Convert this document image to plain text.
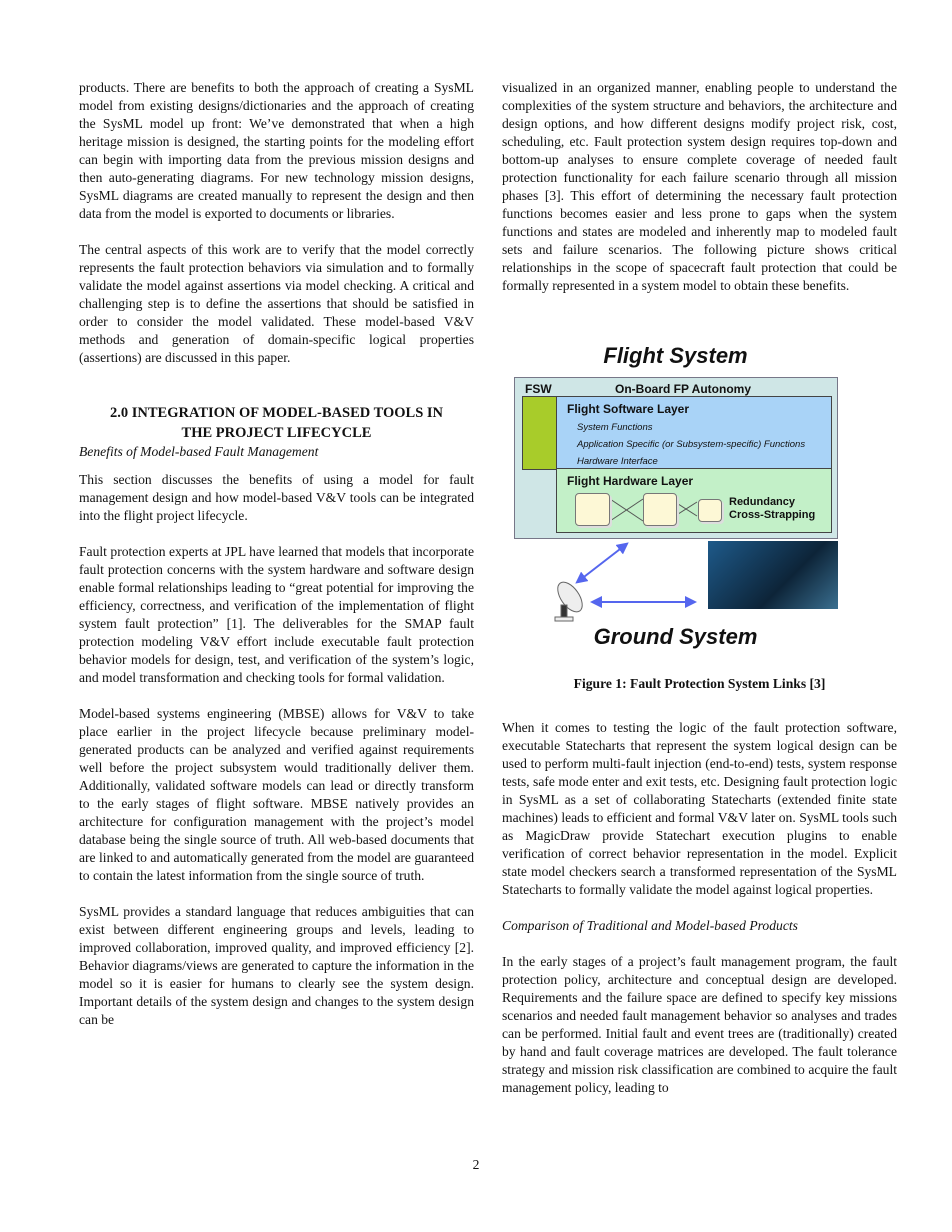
products. There are benefits to both the approach of creating a SysML model from existing designs/dictionaries and the approach of creating the SysML model up front: We’ve demonstrated that when a high heritage mission is designed, the starting points for the modeling effort can begin with importing data from the previous mission designs and then auto-generating diagrams. For new technology mission designs, SysML diagrams are created manually to represent the design and then data from the model is exported to documents or libraries.

The central aspects of this work are to verify that the model correctly represents the fault protection behaviors via simulation and to formally validate the model against assertions via model checking. A critical and challenging step is to define the assertions that should be satisfied in order to consider the model validated. These model-based V&V methods and generation of domain-specific logical properties (assertions) are discussed in this paper.

2.0 INTEGRATION OF MODEL-BASED TOOLS IN

THE PROJECT LIFECYCLE

Benefits of Model-based Fault Management

This section discusses the benefits of using a model for fault management design and how model-based V&V tools can be integrated into the flight project lifecycle.

Fault protection experts at JPL have learned that models that incorporate fault protection concerns with the system hardware and software design enable formal relationships leading to “great potential for improving the efficiency, correctness, and verification of the implementation of flight system fault protection” [1]. The deliverables for the SMAP fault protection modeling V&V effort include executable fault protection behavior models for design, test, and verification of the system’s logic, and model transformation and checking tools for formal validation.

Model-based systems engineering (MBSE) allows for V&V to take place earlier in the project lifecycle because preliminary model-generated products can be analyzed and verified against requirements well before the project subsystem would traditionally deliver them. Additionally, validated software models can lead or directly transform to the early stages of flight software. MBSE natively provides an architecture for configuration management with the project’s model database being the single source of truth. All web-based documents that are linked to and automatically generated from the model are guaranteed to contain the latest information from the single source of truth.

SysML provides a standard language that reduces ambiguities that can exist between different engineering groups and levels, leading to improved collaboration, improved quality, and improved efficiency [2]. Behavior diagrams/views are generated to capture the information in the model so it is easier for humans to clearly see the system design. Important details of the system design and changes to the system design can be

visualized in an organized manner, enabling people to understand the complexities of the system structure and behaviors, the architecture and design options, and how different designs modify project risk, cost, scheduling, etc. Fault protection system design requires top-down and bottom-up analyses to ensure complete coverage of needed fault protection functionality for each failure scenario through all mission phases [3]. This effort of determining the necessary fault protection functions becomes easier and less prone to gaps when the system functions and states are modeled and inherently map to modeled fault sets and failure scenarios. The following picture shows critical relationships in the scope of spacecraft fault protection that could be formally represented in a system model to obtain these benefits.

Flight System
FSW	On-Board FP Autonomy
Flight Software Layer
System Functions
Application Specific (or Subsystem-specific) Functions
Hardware Interface
Flight Hardware Layer
Redundancy
Cross-Strapping
Ground System
Figure 1: Fault Protection System Links [3]

When it comes to testing the logic of the fault protection software, executable Statecharts that represent the system logical design can be used to perform multi-fault injection (end-to-end) tests, system response tests, safe mode enter and exit tests, etc. Designing fault protection logic in SysML as a set of collaborating Statecharts (extended finite state machines) leads to efficient and formal V&V later on. SysML tools such as MagicDraw provide Statechart execution plugins to enable verification of correct behavior representation in the model. Explicit state model checkers search a transformed representation of the SysML Statecharts to formally validate the model against logical properties.

Comparison of Traditional and Model-based Products

In the early stages of a project’s fault management program, the fault protection policy, architecture and conceptual design are developed. Requirements and the failure space are defined to specify key missions scenarios and needed fault management behavior so analyses and trades can be performed. Initial fault and event trees are (traditionally) created by hand and fault coverage matrices are developed. The fault tolerance strategy and mission risk classification are combined to acquire the fault management policy, leading to

2
